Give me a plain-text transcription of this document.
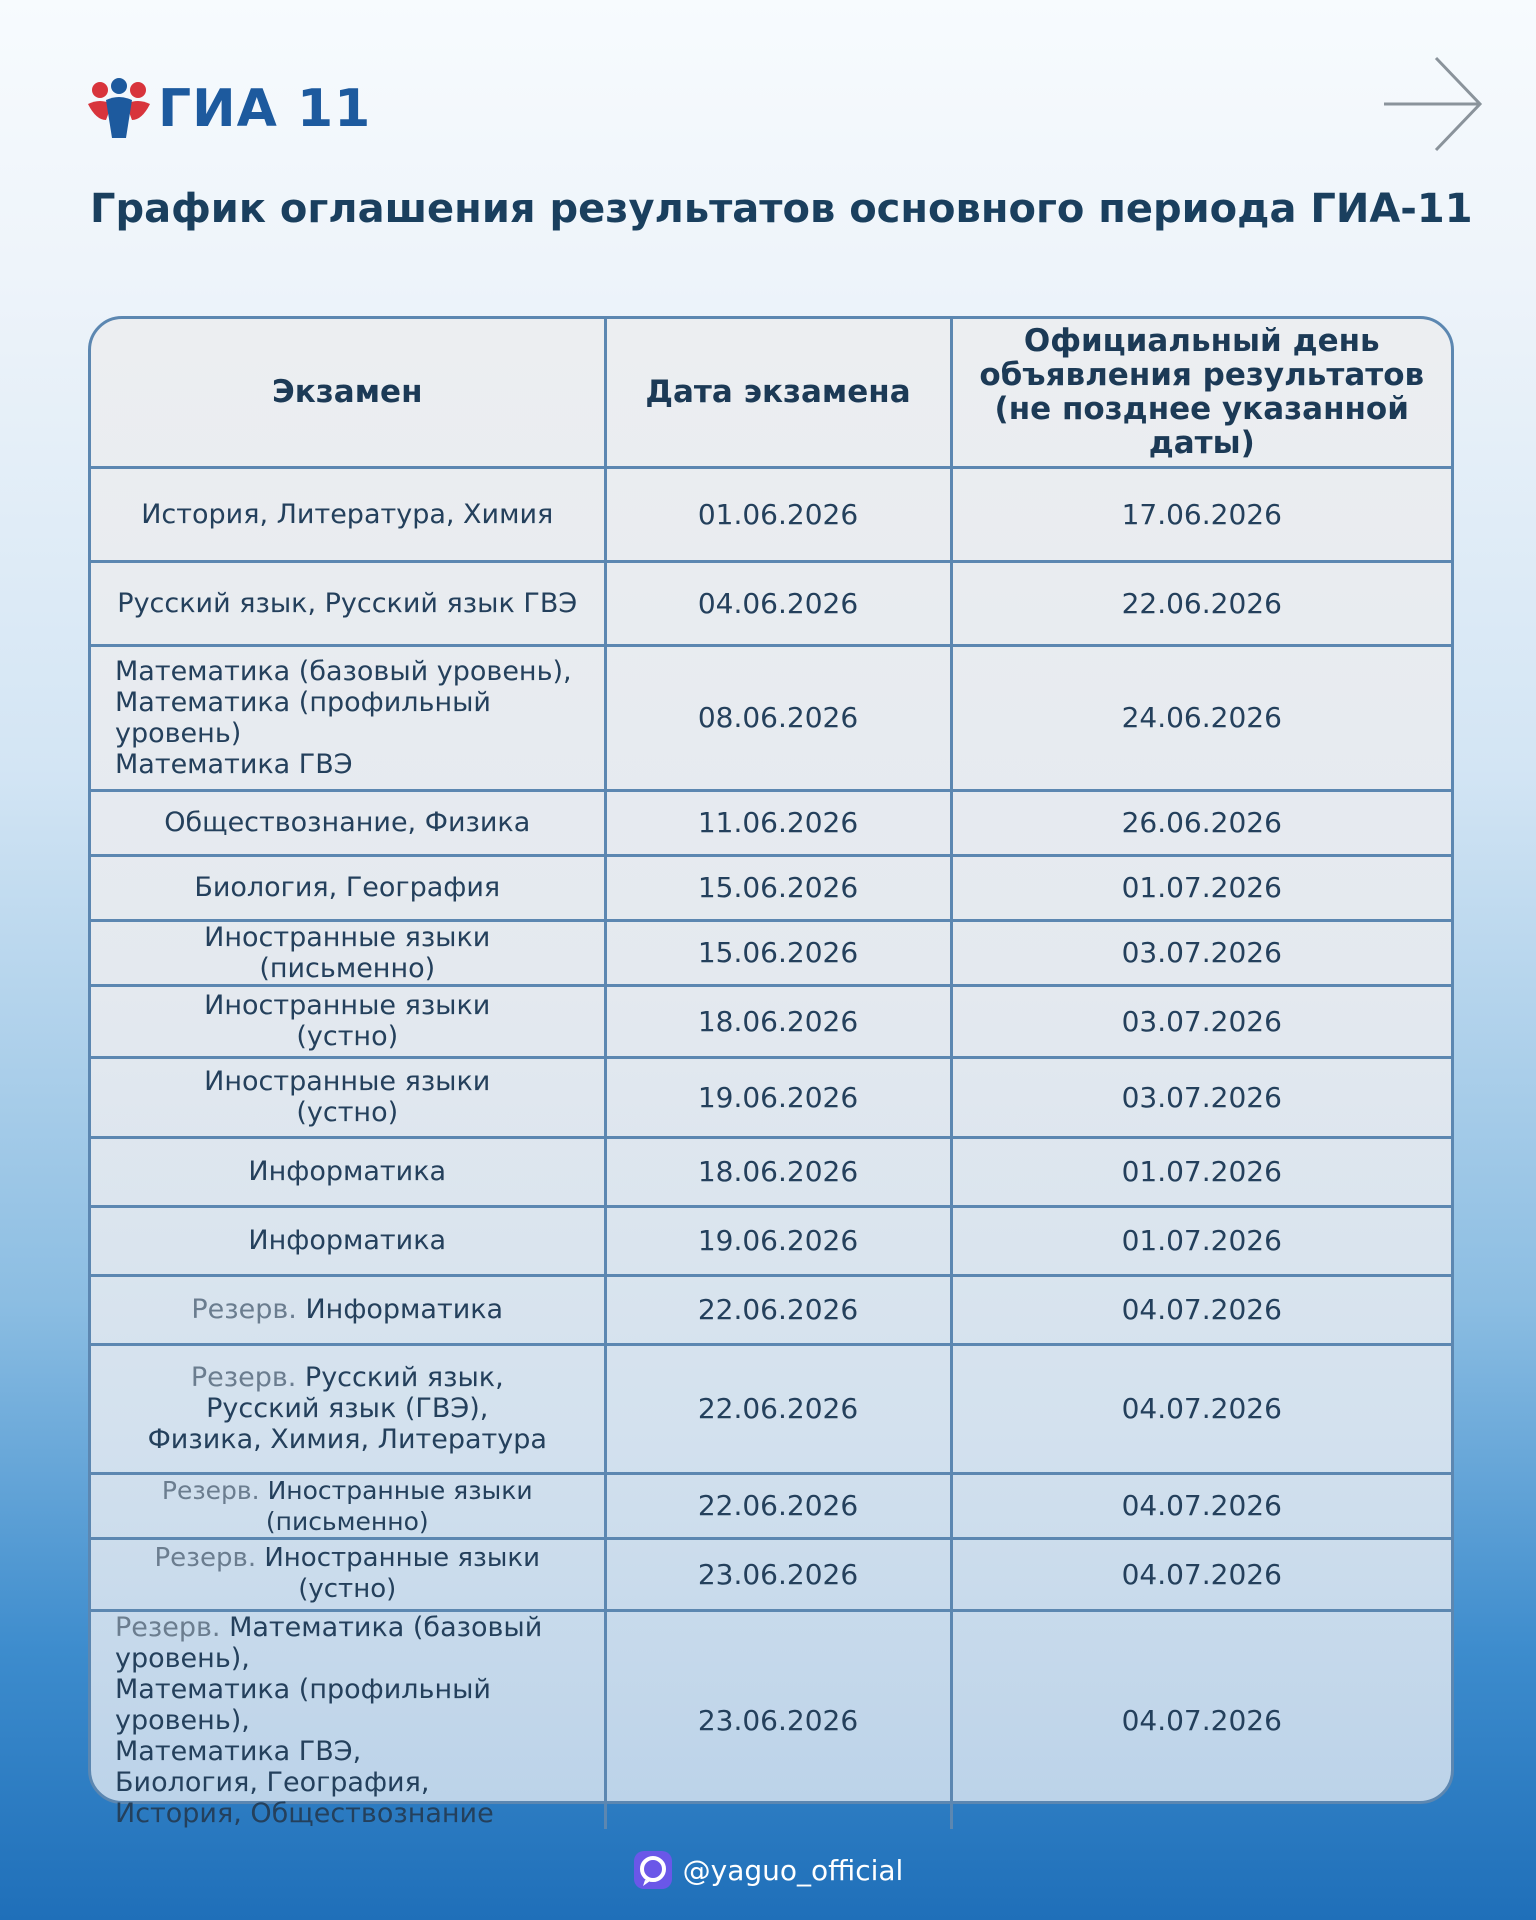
ГИА 11
График оглашения результатов основного периода ГИА-11
Экзамен	Дата экзамена	Официальный день
объявления результатов
(не позднее указанной даты)
История, Литература, Химия	01.06.2026	17.06.2026
Русский язык, Русский язык ГВЭ	04.06.2026	22.06.2026
Математика (базовый уровень),
Математика (профильный уровень)
Математика ГВЭ	08.06.2026	24.06.2026
Обществознание, Физика	11.06.2026	26.06.2026
Биология, География	15.06.2026	01.07.2026
Иностранные языки
(письменно)	15.06.2026	03.07.2026
Иностранные языки
(устно)	18.06.2026	03.07.2026
Иностранные языки
(устно)	19.06.2026	03.07.2026
Информатика	18.06.2026	01.07.2026
Информатика	19.06.2026	01.07.2026
Резерв. Информатика	22.06.2026	04.07.2026
Резерв. Русский язык,
Русский язык (ГВЭ),
Физика, Химия, Литература	22.06.2026	04.07.2026
Резерв. Иностранные языки (письменно)	22.06.2026	04.07.2026
Резерв. Иностранные языки (устно)	23.06.2026	04.07.2026
Резерв. Математика (базовый уровень),
Математика (профильный уровень),
Математика ГВЭ,
Биология, География,
История, Обществознание	23.06.2026	04.07.2026
@yaguo_official
